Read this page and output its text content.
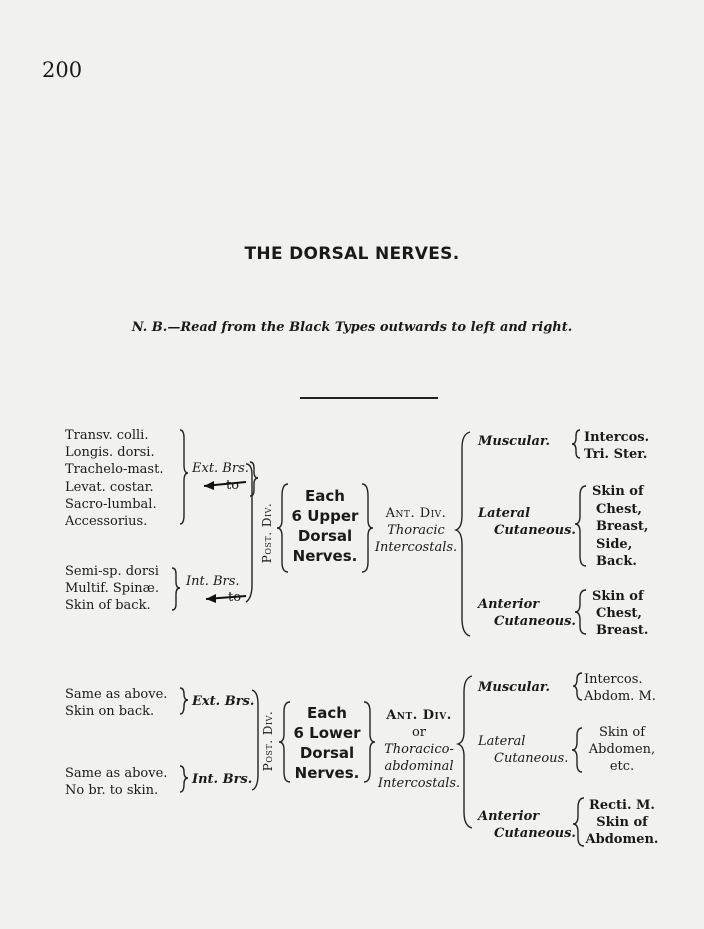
200
THE DORSAL NERVES.
N. B.—Read from the Black Types outwards to left and right.
Transv. colli.
Longis. dorsi.
Trachelo-mast.
Levat. costar.
Sacro-lumbal.
Accessorius.
Ext. Brs.
to
Semi-sp. dorsi
Multif. Spinæ.
Skin of back.
Int. Brs.
to
Post. Div.
Each
6 Upper
Dorsal
Nerves.
Ant. Div.
Thoracic
Intercostals.
Muscular.	Intercos.
Tri. Ster.
Lateral
Cutaneous.
Skin of
Chest,
Breast,
Side,
Back.
Anterior
Cutaneous.
Skin of
Chest,
Breast.
Same as above.
Skin on back.
Ext. Brs.
Same as above.
No br. to skin.
Int. Brs.
Post. Div.	Each
6 Lower
Dorsal
Nerves.
Ant. Div.
or
Thoracico-
abdominal
Intercostals.
Muscular.
Intercos.
Abdom. M.
Lateral
Cutaneous.
Skin of
Abdomen,
etc.
Anterior
Cutaneous.
Recti. M.
Skin of
Abdomen.
